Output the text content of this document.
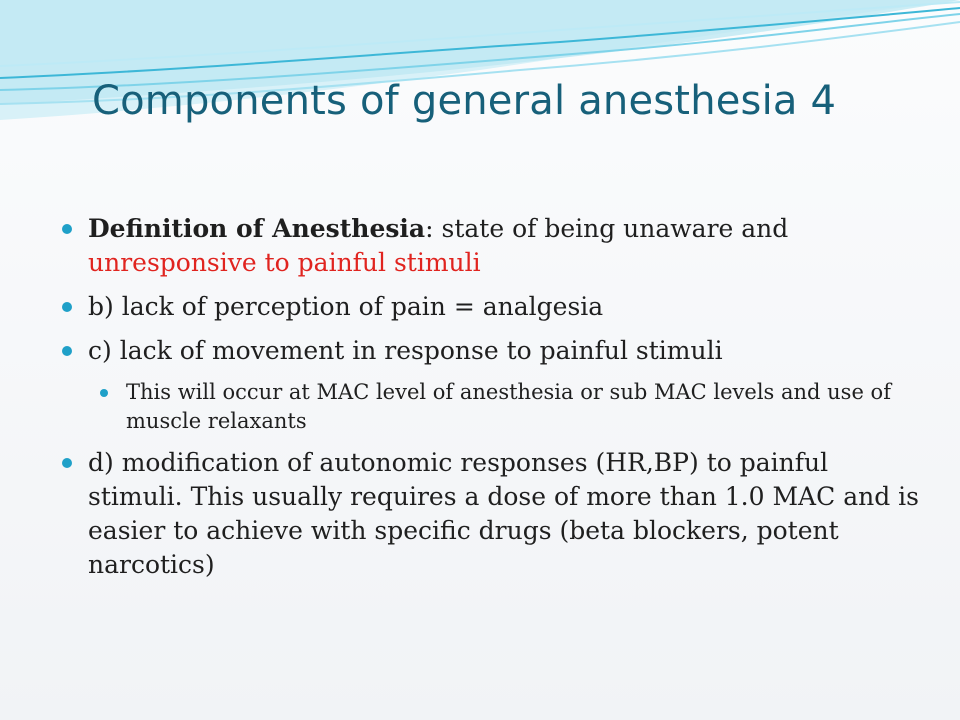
Components of general anesthesia 4
Definition of Anesthesia: state of being unaware and unresponsive to painful stimuli
b) lack of perception of pain = analgesia
c) lack of movement in response to painful stimuli
This will occur at MAC level of anesthesia or sub MAC levels and use of muscle relaxants
d) modification of autonomic responses (HR,BP) to painful stimuli. This usually requires a dose of more than 1.0 MAC and is easier to achieve with specific drugs (beta blockers, potent narcotics)
